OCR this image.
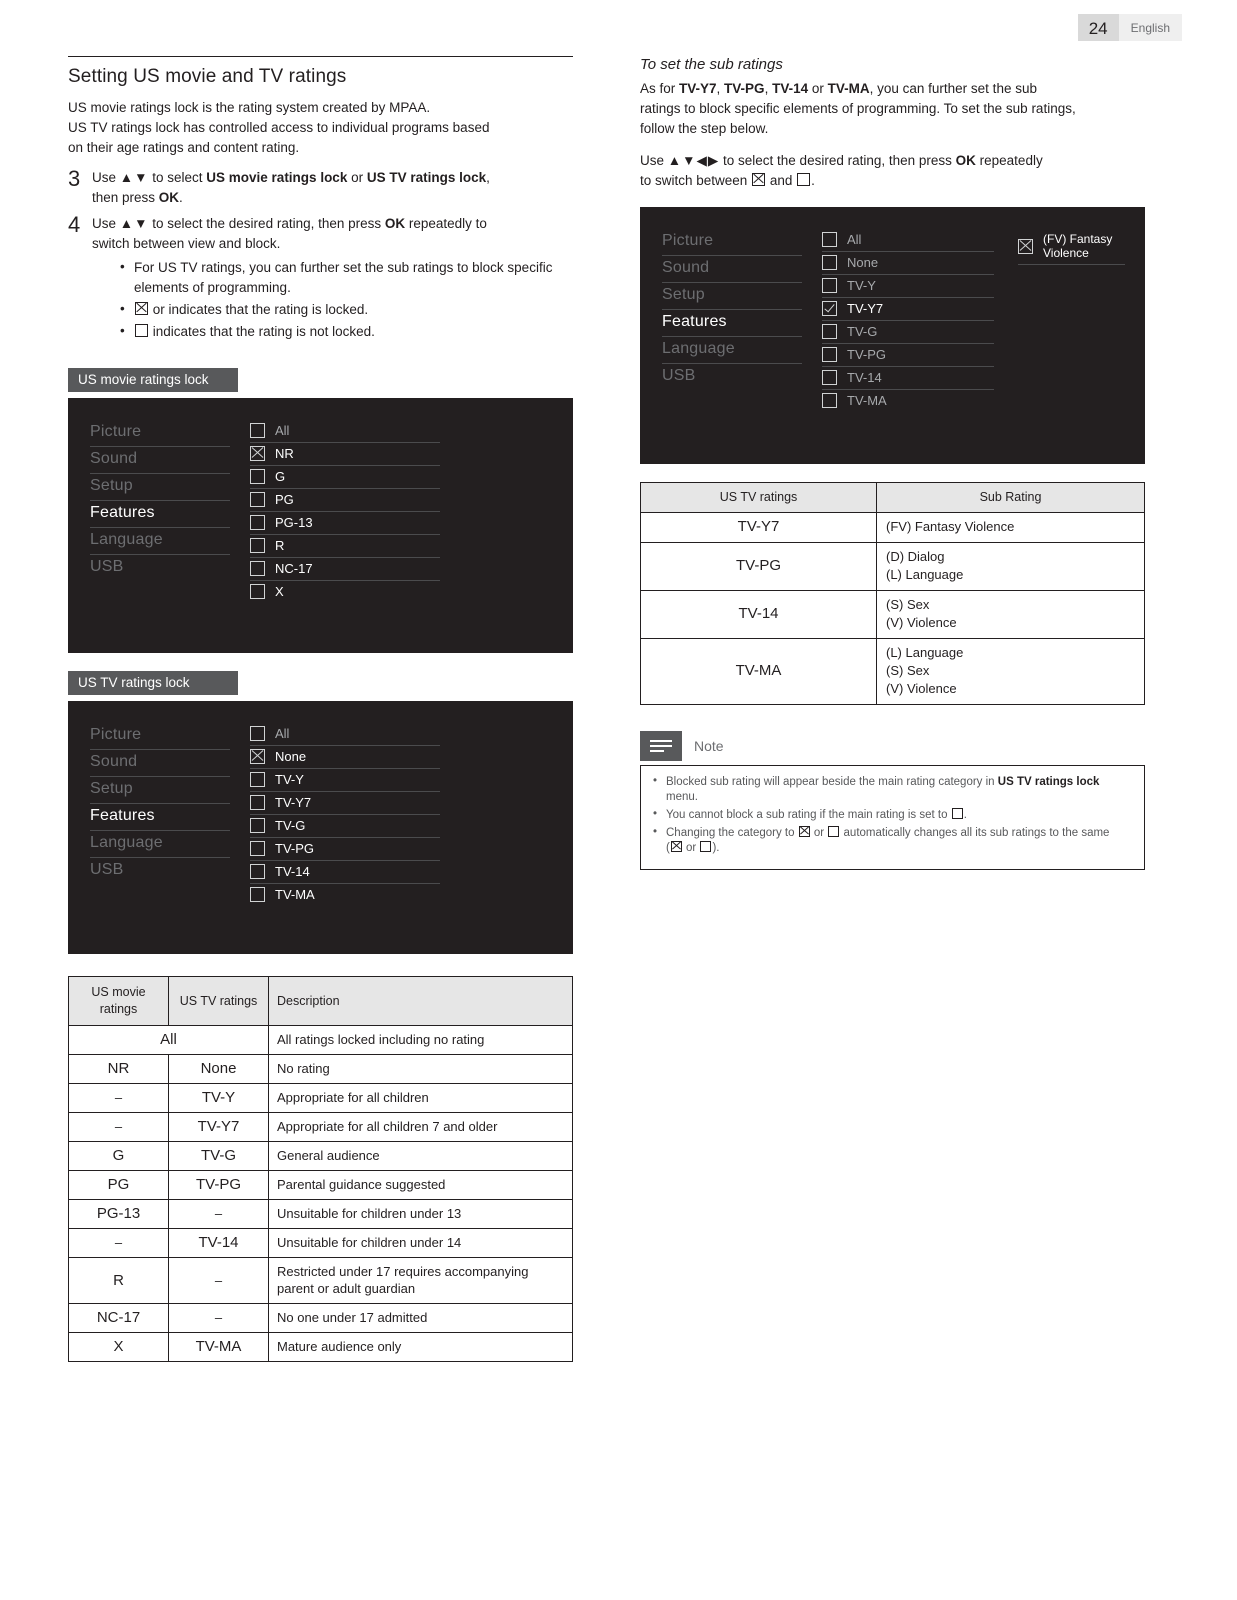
24	English
Setting US movie and TV ratings

US movie ratings lock is the rating system created by MPAA.
US TV ratings lock has controlled access to individual programs based
on their age ratings and content rating.

3 Use ▲▼ to select US movie ratings lock or US TV ratings lock,
then press OK.
4 Use ▲▼ to select the desired rating, then press OK repeatedly to
switch between view and block.
• For US TV ratings, you can further set the sub ratings to block specific elements of programming.
• or indicates that the rating is locked.
• indicates that the rating is not locked.
US movie ratings lock
Picture
Sound
Setup
Features
Language
USB
All
NR
G
PG
PG-13
R
NC-17
X
US TV ratings lock
Picture
Sound
Setup
Features
Language
USB
All
None
TV-Y
TV-Y7
TV-G
TV-PG
TV-14
TV-MA
US movie ratings	US TV ratings	Description
All		All ratings locked including no rating
NR	None	No rating
–	TV-Y	Appropriate for all children
–	TV-Y7	Appropriate for all children 7 and older
G	TV-G	General audience
PG	TV-PG	Parental guidance suggested
PG-13	–	Unsuitable for children under 13
–	TV-14	Unsuitable for children under 14
R	–	Restricted under 17 requires accompanying parent or adult guardian
NC-17	–	No one under 17 admitted
X	TV-MA	Mature audience only
To set the sub ratings

As for TV-Y7, TV-PG, TV-14 or TV-MA, you can further set the sub
ratings to block specific elements of programming. To set the sub ratings,
follow the step below.

Use ▲▼◀▶ to select the desired rating, then press OK repeatedly
to switch between  and .

Picture
Sound
Setup
Features
Language
USB
All
None
TV-Y
TV-Y7
TV-G
TV-PG
TV-14
TV-MA
(FV) Fantasy Violence
US TV ratings	Sub Rating
TV-Y7	(FV) Fantasy Violence
TV-PG	(D) Dialog
(L) Language
TV-14	(S) Sex
(V) Violence
TV-MA	(L) Language
(S) Sex
(V) Violence
Note
• Blocked sub rating will appear beside the main rating category in US TV ratings lock menu.
• You cannot block a sub rating if the main rating is set to .
• Changing the category to  or  automatically changes all its sub ratings to the same
( or ).
